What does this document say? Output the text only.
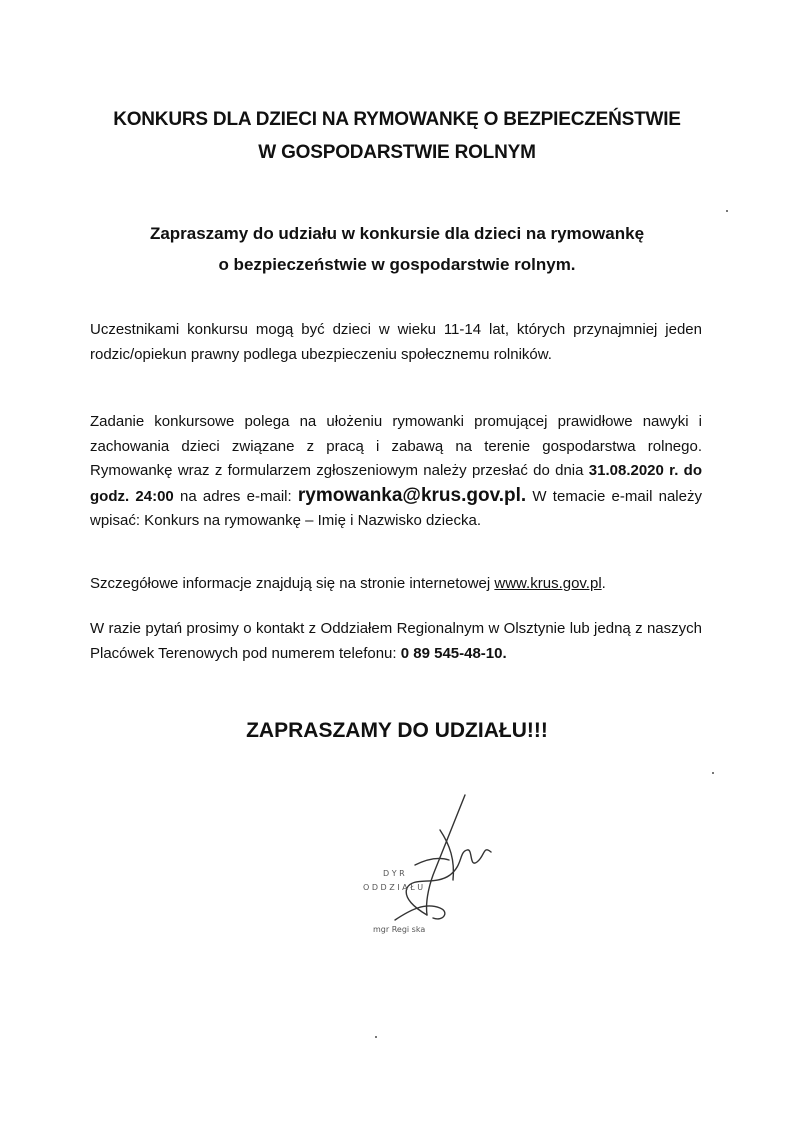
KONKURS DLA DZIECI NA RYMOWANKĘ O BEZPIECZEŃSTWIE
W GOSPODARSTWIE ROLNYM
Zapraszamy do udziału w konkursie dla dzieci na rymowankę
o bezpieczeństwie w gospodarstwie rolnym.
Uczestnikami konkursu mogą być dzieci w wieku 11-14 lat, których przynajmniej jeden rodzic/opiekun prawny podlega ubezpieczeniu społecznemu rolników.
Zadanie konkursowe polega na ułożeniu rymowanki promującej prawidłowe nawyki i zachowania dzieci związane z pracą i zabawą na terenie gospodarstwa rolnego. Rymowankę wraz z formularzem zgłoszeniowym należy przesłać do dnia 31.08.2020 r. do godz. 24:00 na adres e-mail: rymowanka@krus.gov.pl. W temacie e-mail należy wpisać: Konkurs na rymowankę – Imię i Nazwisko dziecka.
Szczegółowe informacje znajdują się na stronie internetowej www.krus.gov.pl.
W razie pytań prosimy o kontakt z Oddziałem Regionalnym w Olsztynie lub jedną z naszych Placówek Terenowych pod numerem telefonu: 0 89 545-48-10.
ZAPRASZAMY DO UDZIAŁU!!!
D Y R
O D D Z I A Ł U
mgr Regi ska
